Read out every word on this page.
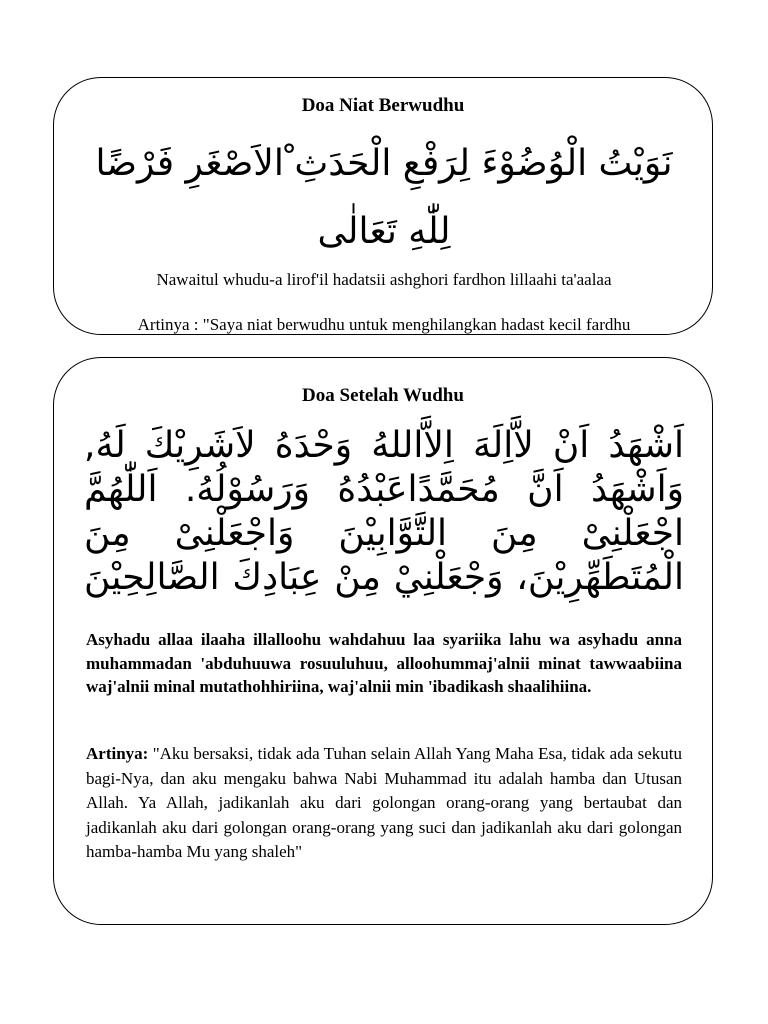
Doa Niat Berwudhu
نَوَيْتُ الْوُضُوْءَ لِرَفْعِ الْحَدَثِ ْالاَصْغَرِ فَرْضًا لِلّٰهِ تَعَالٰى
Nawaitul whudu-a lirof'il hadatsii ashghori fardhon lillaahi ta'aalaa
Artinya : "Saya niat berwudhu untuk menghilangkan hadast kecil fardhu
Doa Setelah Wudhu
اَشْهَدُ اَنْ لاَّاِلَهَ اِلاَّاللهُ وَحْدَهُ لاَشَرِيْكَ لَهُ, وَاَشْهَدُ اَنَّ مُحَمَّدًاعَبْدُهُ وَرَسُوْلُهُ. اَللّٰهُمَّ اجْعَلْنِىْ مِنَ التَّوَّابِيْنَ وَاجْعَلْنِىْ مِنَ الْمُتَطَهِّرِيْنَ، وَجْعَلْنِيْ مِنْ عِبَادِكَ الصَّالِحِيْنَ
Asyhadu allaa ilaaha illalloohu wahdahuu laa syariika lahu wa asyhadu anna muhammadan 'abduhuuwa rosuuluhuu, alloohummaj'alnii minat tawwaabiina waj'alnii minal mutathohhiriina, waj'alnii min 'ibadikash shaalihiina.
Artinya: "Aku bersaksi, tidak ada Tuhan selain Allah Yang Maha Esa, tidak ada sekutu bagi-Nya, dan aku mengaku bahwa Nabi Muhammad itu adalah hamba dan Utusan Allah. Ya Allah, jadikanlah aku dari golongan orang-orang yang bertaubat dan jadikanlah aku dari golongan orang-orang yang suci dan jadikanlah aku dari golongan hamba-hamba Mu yang shaleh"
